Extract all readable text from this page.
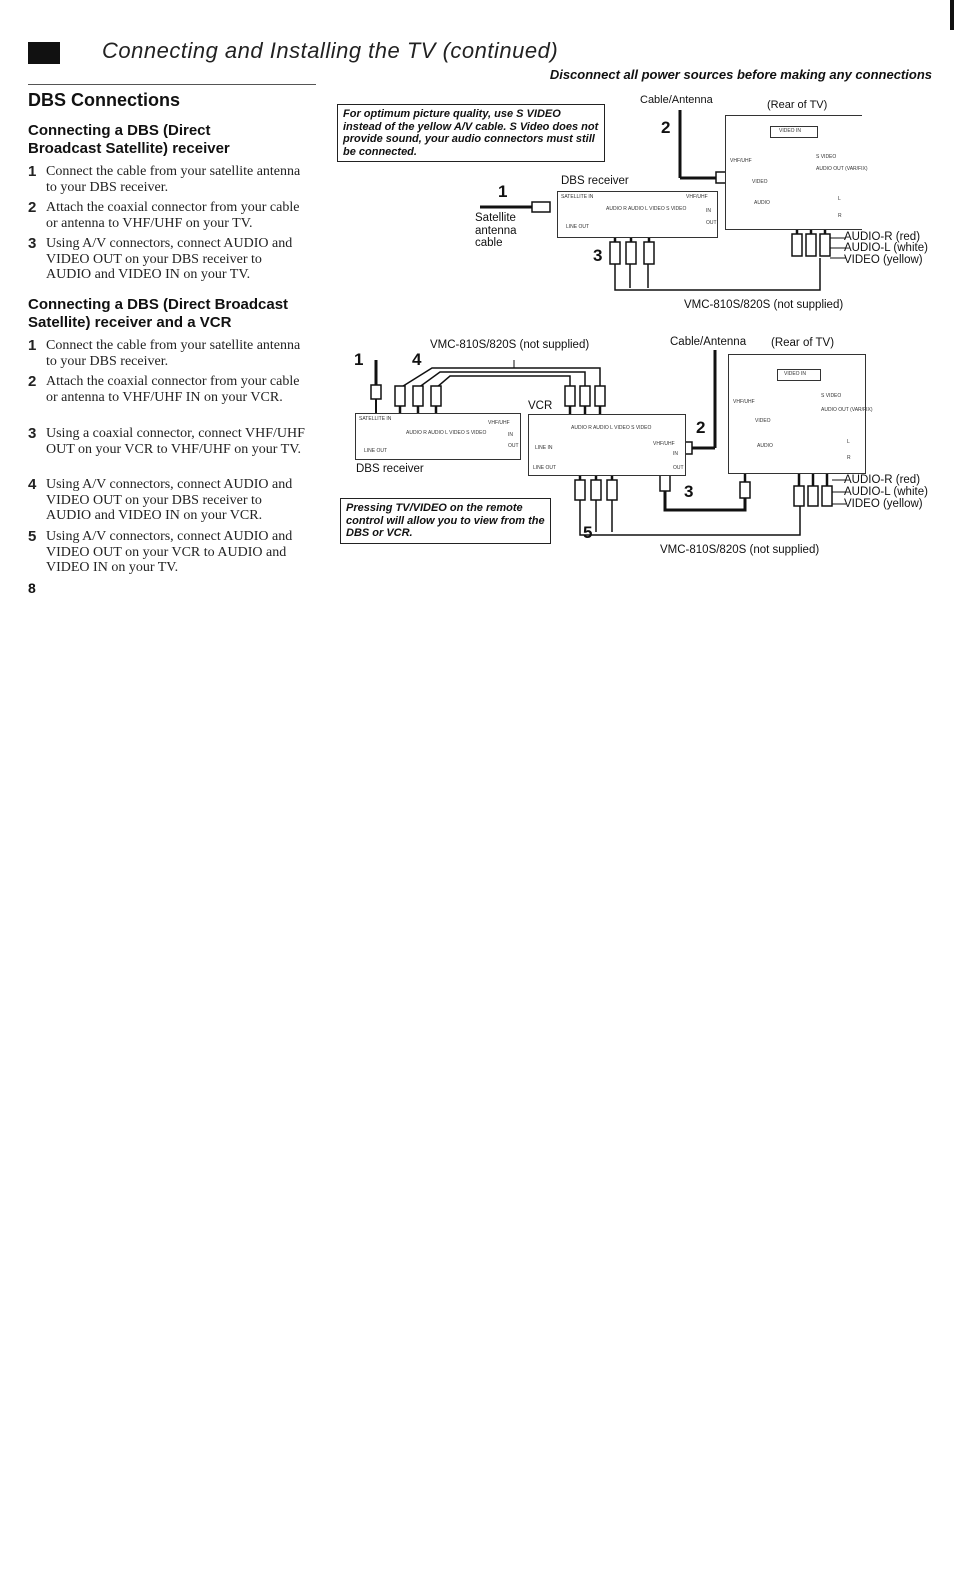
Connecting and Installing the TV (continued)
Disconnect all power sources before making any connections
DBS Connections
Connecting a DBS (Direct
Broadcast Satellite) receiver
1 Connect the cable from your satellite antenna to your DBS receiver.
2 Attach the coaxial connector from your cable or antenna to VHF/UHF on your TV.
3 Using A/V connectors, connect AUDIO and VIDEO OUT on your DBS receiver to AUDIO and VIDEO IN on your TV.
Connecting a DBS (Direct Broadcast
Satellite) receiver and a VCR
1 Connect the cable from your satellite antenna to your DBS receiver.
2 Attach the coaxial connector from your cable or antenna to VHF/UHF IN on your VCR.
3 Using a coaxial connector, connect VHF/UHF OUT on your VCR to VHF/UHF on your TV.
4 Using A/V connectors, connect AUDIO and VIDEO OUT on your DBS receiver to AUDIO and VIDEO IN on your VCR.
5 Using A/V connectors, connect AUDIO and VIDEO OUT on your VCR to AUDIO and VIDEO IN on your TV.
8
For optimum picture quality, use S VIDEO instead of the yellow A/V cable. S Video does not provide sound, your audio connectors must still be connected.
Cable/Antenna	(Rear of TV)
2
DBS receiver
1
Satellite
antenna
cable
3
SATELLITE IN	VHF/UHF
AUDIO R AUDIO L VIDEO S VIDEO
LINE OUT
IN
OUT
VIDEO IN
S VIDEO
AUDIO OUT (VAR/FIX)
VHF/UHF
VIDEO
AUDIO
L
R
AUDIO-R (red)
AUDIO-L (white)
VIDEO (yellow)
VMC-810S/820S (not supplied)
1	4
VMC-810S/820S (not supplied)	Cable/Antenna (Rear of TV)
VCR
2
3
5
SATELLITE IN
VHF/UHF
AUDIO R AUDIO L VIDEO S VIDEO
LINE OUT
IN
OUT
DBS receiver
AUDIO R AUDIO L VIDEO S VIDEO
LINE IN
LINE OUT
VHF/UHF
IN
OUT
VIDEO IN
S VIDEO
AUDIO OUT (VAR/FIX)
VHF/UHF
VIDEO
AUDIO
L
R
Pressing TV/VIDEO on the remote control will allow you to view from the DBS or VCR.
AUDIO-R (red)
AUDIO-L (white)
VIDEO (yellow)
VMC-810S/820S (not supplied)
